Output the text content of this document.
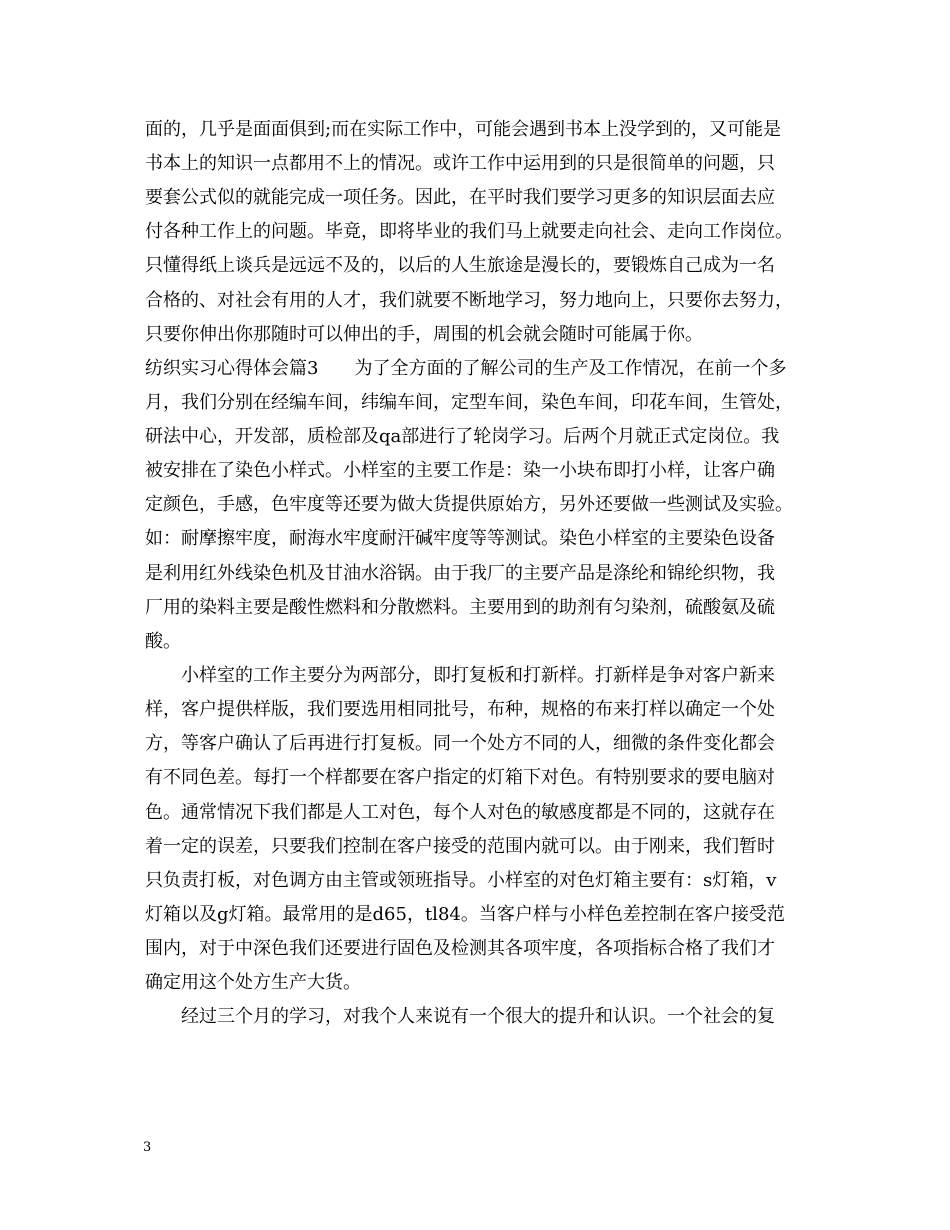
面的，几乎是面面俱到;而在实际工作中，可能会遇到书本上没学到的，又可能是
书本上的知识一点都用不上的情况。或许工作中运用到的只是很简单的问题，只
要套公式似的就能完成一项任务。因此，在平时我们要学习更多的知识层面去应
付各种工作上的问题。毕竟，即将毕业的我们马上就要走向社会、走向工作岗位。
只懂得纸上谈兵是远远不及的，以后的人生旅途是漫长的，要锻炼自己成为一名
合格的、对社会有用的人才，我们就要不断地学习，努力地向上，只要你去努力，
只要你伸出你那随时可以伸出的手，周围的机会就会随时可能属于你。
纺织实习心得体会篇3　　为了全方面的了解公司的生产及工作情况，在前一个多
月，我们分别在经编车间，纬编车间，定型车间，染色车间，印花车间，生管处，
研法中心，开发部，质检部及qa部进行了轮岗学习。后两个月就正式定岗位。我
被安排在了染色小样式。小样室的主要工作是：染一小块布即打小样，让客户确
定颜色，手感，色牢度等还要为做大货提供原始方，另外还要做一些测试及实验。
如：耐摩擦牢度，耐海水牢度耐汗碱牢度等等测试。染色小样室的主要染色设备
是利用红外线染色机及甘油水浴锅。由于我厂的主要产品是涤纶和锦纶织物，我
厂用的染料主要是酸性燃料和分散燃料。主要用到的助剂有匀染剂，硫酸氨及硫
酸。
　　小样室的工作主要分为两部分，即打复板和打新样。打新样是争对客户新来
样，客户提供样版，我们要选用相同批号，布种，规格的布来打样以确定一个处
方，等客户确认了后再进行打复板。同一个处方不同的人，细微的条件变化都会
有不同色差。每打一个样都要在客户指定的灯箱下对色。有特别要求的要电脑对
色。通常情况下我们都是人工对色，每个人对色的敏感度都是不同的，这就存在
着一定的误差，只要我们控制在客户接受的范围内就可以。由于刚来，我们暂时
只负责打板，对色调方由主管或领班指导。小样室的对色灯箱主要有：s灯箱，v
灯箱以及g灯箱。最常用的是d65，tl84。当客户样与小样色差控制在客户接受范
围内，对于中深色我们还要进行固色及检测其各项牢度，各项指标合格了我们才
确定用这个处方生产大货。
　　经过三个月的学习，对我个人来说有一个很大的提升和认识。一个社会的复
3
